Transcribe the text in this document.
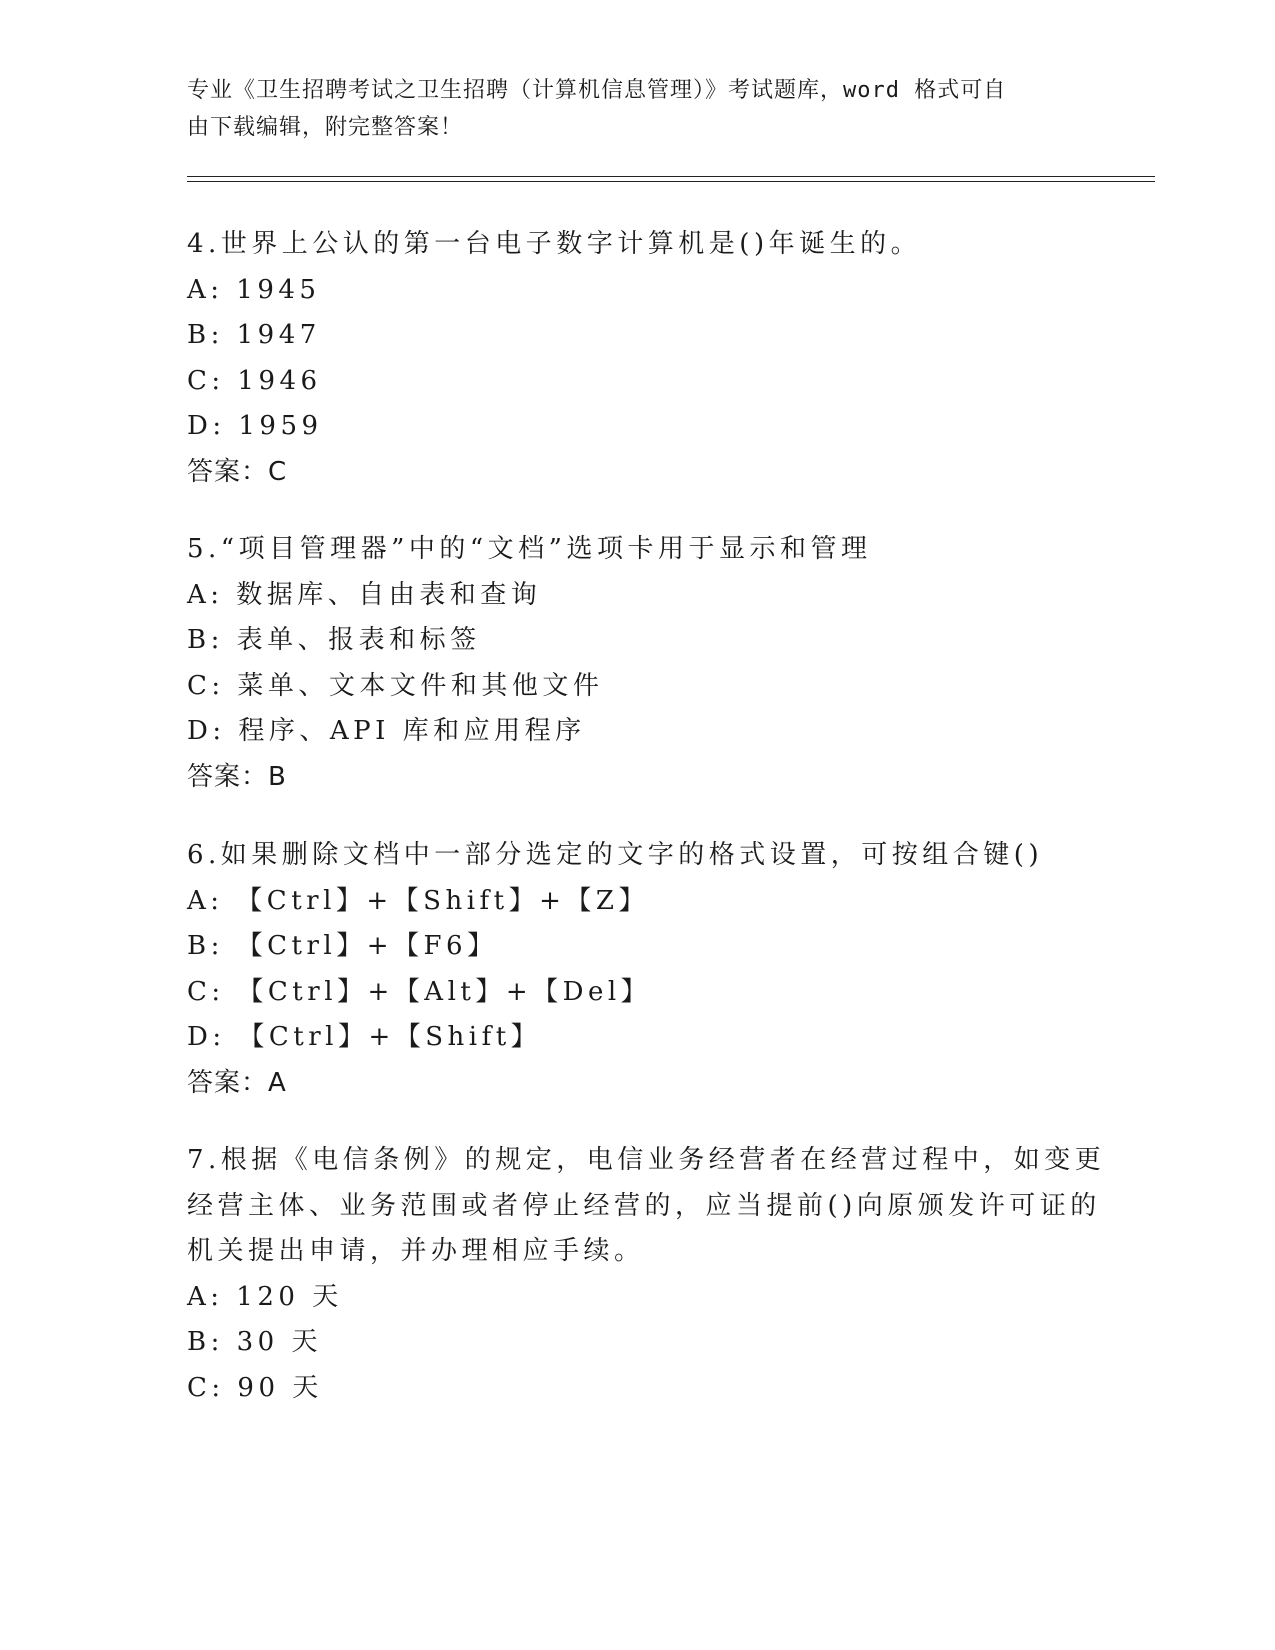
专业《卫生招聘考试之卫生招聘（计算机信息管理）》考试题库，word 格式可自
由下载编辑，附完整答案！
4.世界上公认的第一台电子数字计算机是()年诞生的。
A: 1945
B: 1947
C: 1946
D: 1959
答案：C
5.“项目管理器”中的“文档”选项卡用于显示和管理
A: 数据库、自由表和查询
B: 表单、报表和标签
C: 菜单、文本文件和其他文件
D: 程序、API 库和应用程序
答案：B
6.如果删除文档中一部分选定的文字的格式设置，可按组合键()
A: 【Ctrl】+【Shift】+【Z】
B: 【Ctrl】+【F6】
C: 【Ctrl】+【Alt】+【Del】
D: 【Ctrl】+【Shift】
答案：A
7.根据《电信条例》的规定，电信业务经营者在经营过程中，如变更
经营主体、业务范围或者停止经营的，应当提前()向原颁发许可证的
机关提出申请，并办理相应手续。
A: 120 天
B: 30 天
C: 90 天
